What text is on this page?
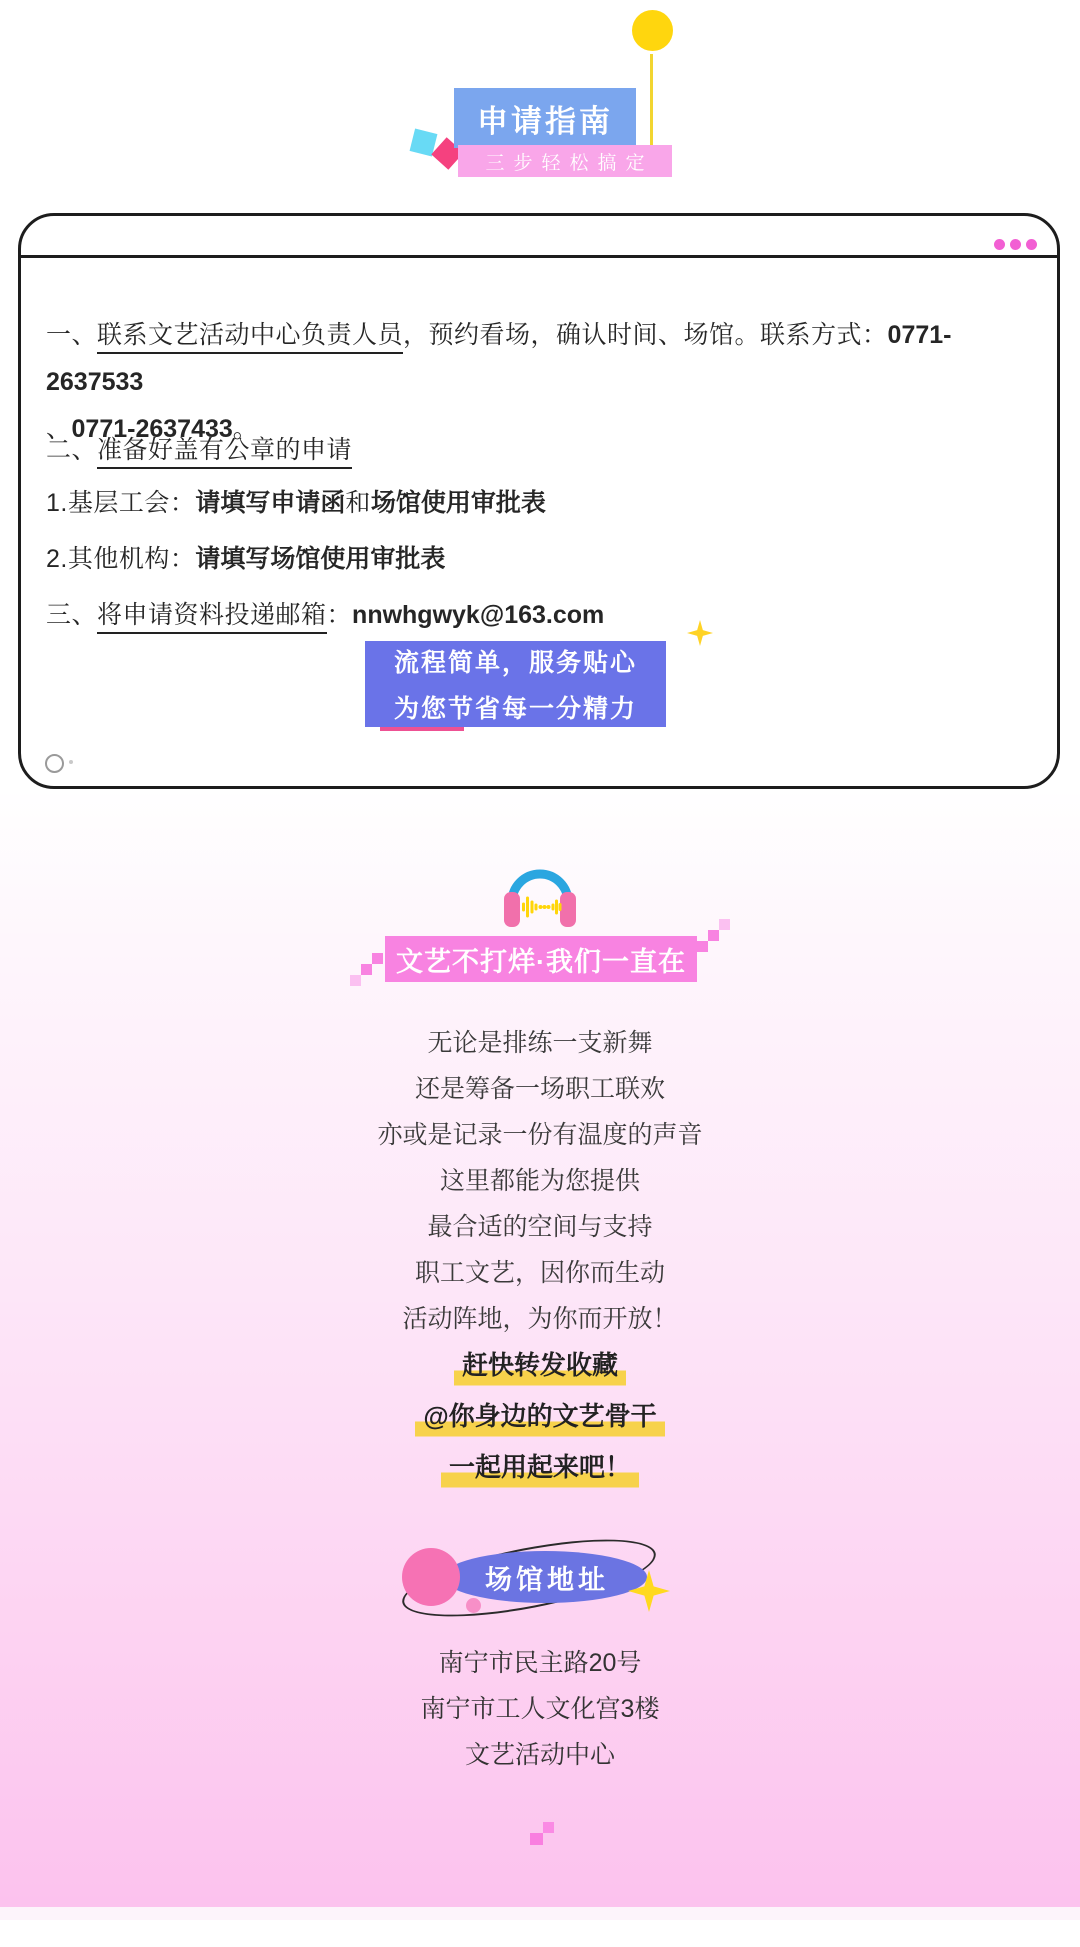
申请指南
三步轻松搞定

一、联系文艺活动中心负责人员，预约看场，确认时间、场馆。联系方式：0771-2637533
、0771-2637433。

二、准备好盖有公章的申请

1.基层工会：请填写申请函和场馆使用审批表

2.其他机构：请填写场馆使用审批表

三、将申请资料投递邮箱：nnwhgwyk@163.com

流程简单，服务贴心
为您节省每一分精力
文艺不打烊·我们一直在

无论是排练一支新舞

还是筹备一场职工联欢

亦或是记录一份有温度的声音

这里都能为您提供

最合适的空间与支持

职工文艺，因你而生动

活动阵地，为你而开放！

赶快转发收藏

@你身边的文艺骨干

一起用起来吧！

场馆地址

南宁市民主路20号

南宁市工人文化宫3楼

文艺活动中心
